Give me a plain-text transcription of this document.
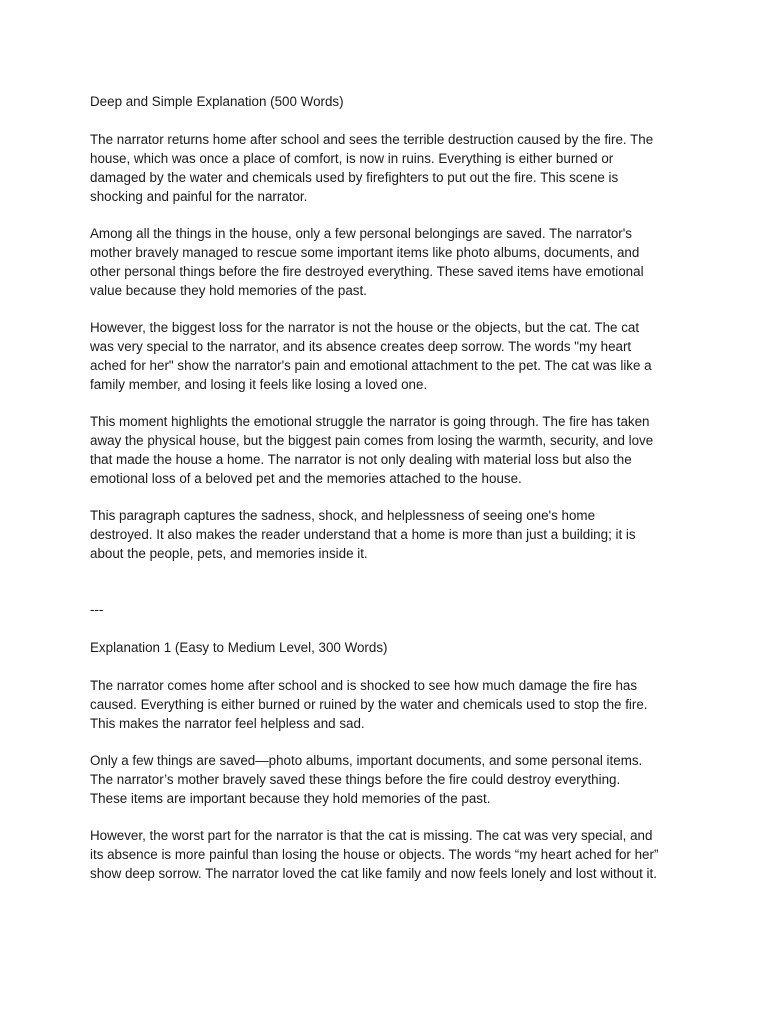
Deep and Simple Explanation (500 Words)

The narrator returns home after school and sees the terrible destruction caused by the fire. The
house, which was once a place of comfort, is now in ruins. Everything is either burned or
damaged by the water and chemicals used by firefighters to put out the fire. This scene is
shocking and painful for the narrator.

Among all the things in the house, only a few personal belongings are saved. The narrator's
mother bravely managed to rescue some important items like photo albums, documents, and
other personal things before the fire destroyed everything. These saved items have emotional
value because they hold memories of the past.

However, the biggest loss for the narrator is not the house or the objects, but the cat. The cat
was very special to the narrator, and its absence creates deep sorrow. The words "my heart
ached for her" show the narrator's pain and emotional attachment to the pet. The cat was like a
family member, and losing it feels like losing a loved one.

This moment highlights the emotional struggle the narrator is going through. The fire has taken
away the physical house, but the biggest pain comes from losing the warmth, security, and love
that made the house a home. The narrator is not only dealing with material loss but also the
emotional loss of a beloved pet and the memories attached to the house.

This paragraph captures the sadness, shock, and helplessness of seeing one's home
destroyed. It also makes the reader understand that a home is more than just a building; it is
about the people, pets, and memories inside it.

---

Explanation 1 (Easy to Medium Level, 300 Words)

The narrator comes home after school and is shocked to see how much damage the fire has
caused. Everything is either burned or ruined by the water and chemicals used to stop the fire.
This makes the narrator feel helpless and sad.

Only a few things are saved—photo albums, important documents, and some personal items.
The narrator’s mother bravely saved these things before the fire could destroy everything.
These items are important because they hold memories of the past.

However, the worst part for the narrator is that the cat is missing. The cat was very special, and
its absence is more painful than losing the house or objects. The words “my heart ached for her”
show deep sorrow. The narrator loved the cat like family and now feels lonely and lost without it.
